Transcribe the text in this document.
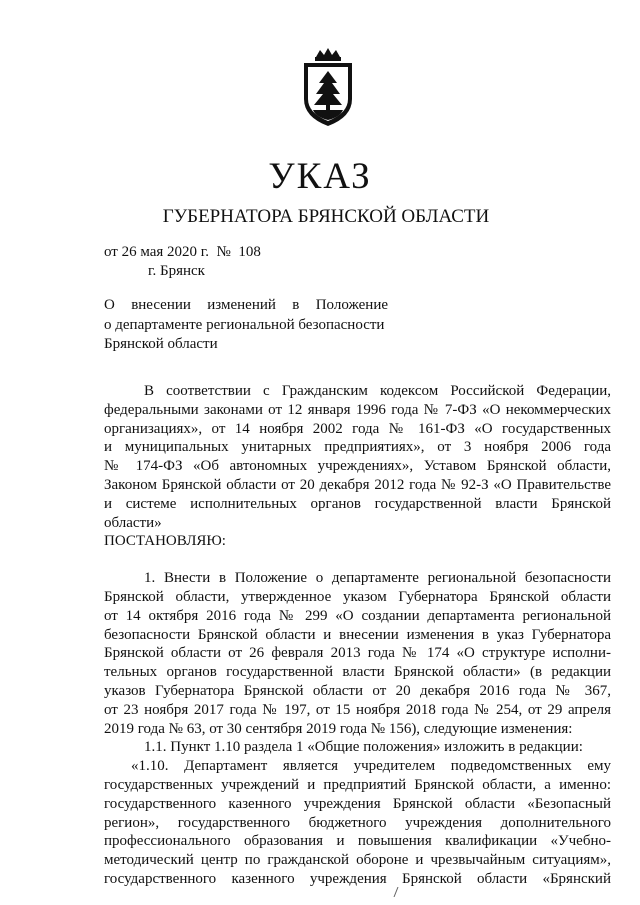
УКАЗ
ГУБЕРНАТОРА БРЯНСКОЙ ОБЛАСТИ
от 26 мая 2020 г.  №  108
г. Брянск
О внесении изменений в Положение
о департаменте региональной безопасности
Брянской области
В соответствии с Гражданским кодексом Российской Федерации,
федеральными законами от 12 января 1996 года № 7-ФЗ «О некоммерческих
организациях», от 14 ноября 2002 года № 161-ФЗ «О государственных
и муниципальных унитарных предприятиях», от 3 ноября 2006 года
№ 174-ФЗ «Об автономных учреждениях», Уставом Брянской области,
Законом Брянской области от 20 декабря 2012 года № 92-З «О Правительстве
и системе исполнительных органов государственной власти Брянской
области»
ПОСТАНОВЛЯЮ:
1. Внести в Положение о департаменте региональной безопасности
Брянской области, утвержденное указом Губернатора Брянской области
от 14 октября 2016 года № 299 «О создании департамента региональной
безопасности Брянской области и внесении изменения в указ Губернатора
Брянской области от 26 февраля 2013 года № 174 «О структуре исполни-
тельных органов государственной власти Брянской области» (в редакции
указов Губернатора Брянской области от 20 декабря 2016 года № 367,
от 23 ноября 2017 года № 197, от 15 ноября 2018 года № 254, от 29 апреля
2019 года № 63, от 30 сентября 2019 года № 156), следующие изменения:
1.1. Пункт 1.10 раздела 1 «Общие положения» изложить в редакции:
«1.10. Департамент является учредителем подведомственных ему
государственных учреждений и предприятий Брянской области, а именно:
государственного казенного учреждения Брянской области «Безопасный
регион», государственного бюджетного учреждения дополнительного
профессионального образования и повышения квалификации «Учебно-
методический центр по гражданской обороне и чрезвычайным ситуациям»,
государственного казенного учреждения Брянской области «Брянский
